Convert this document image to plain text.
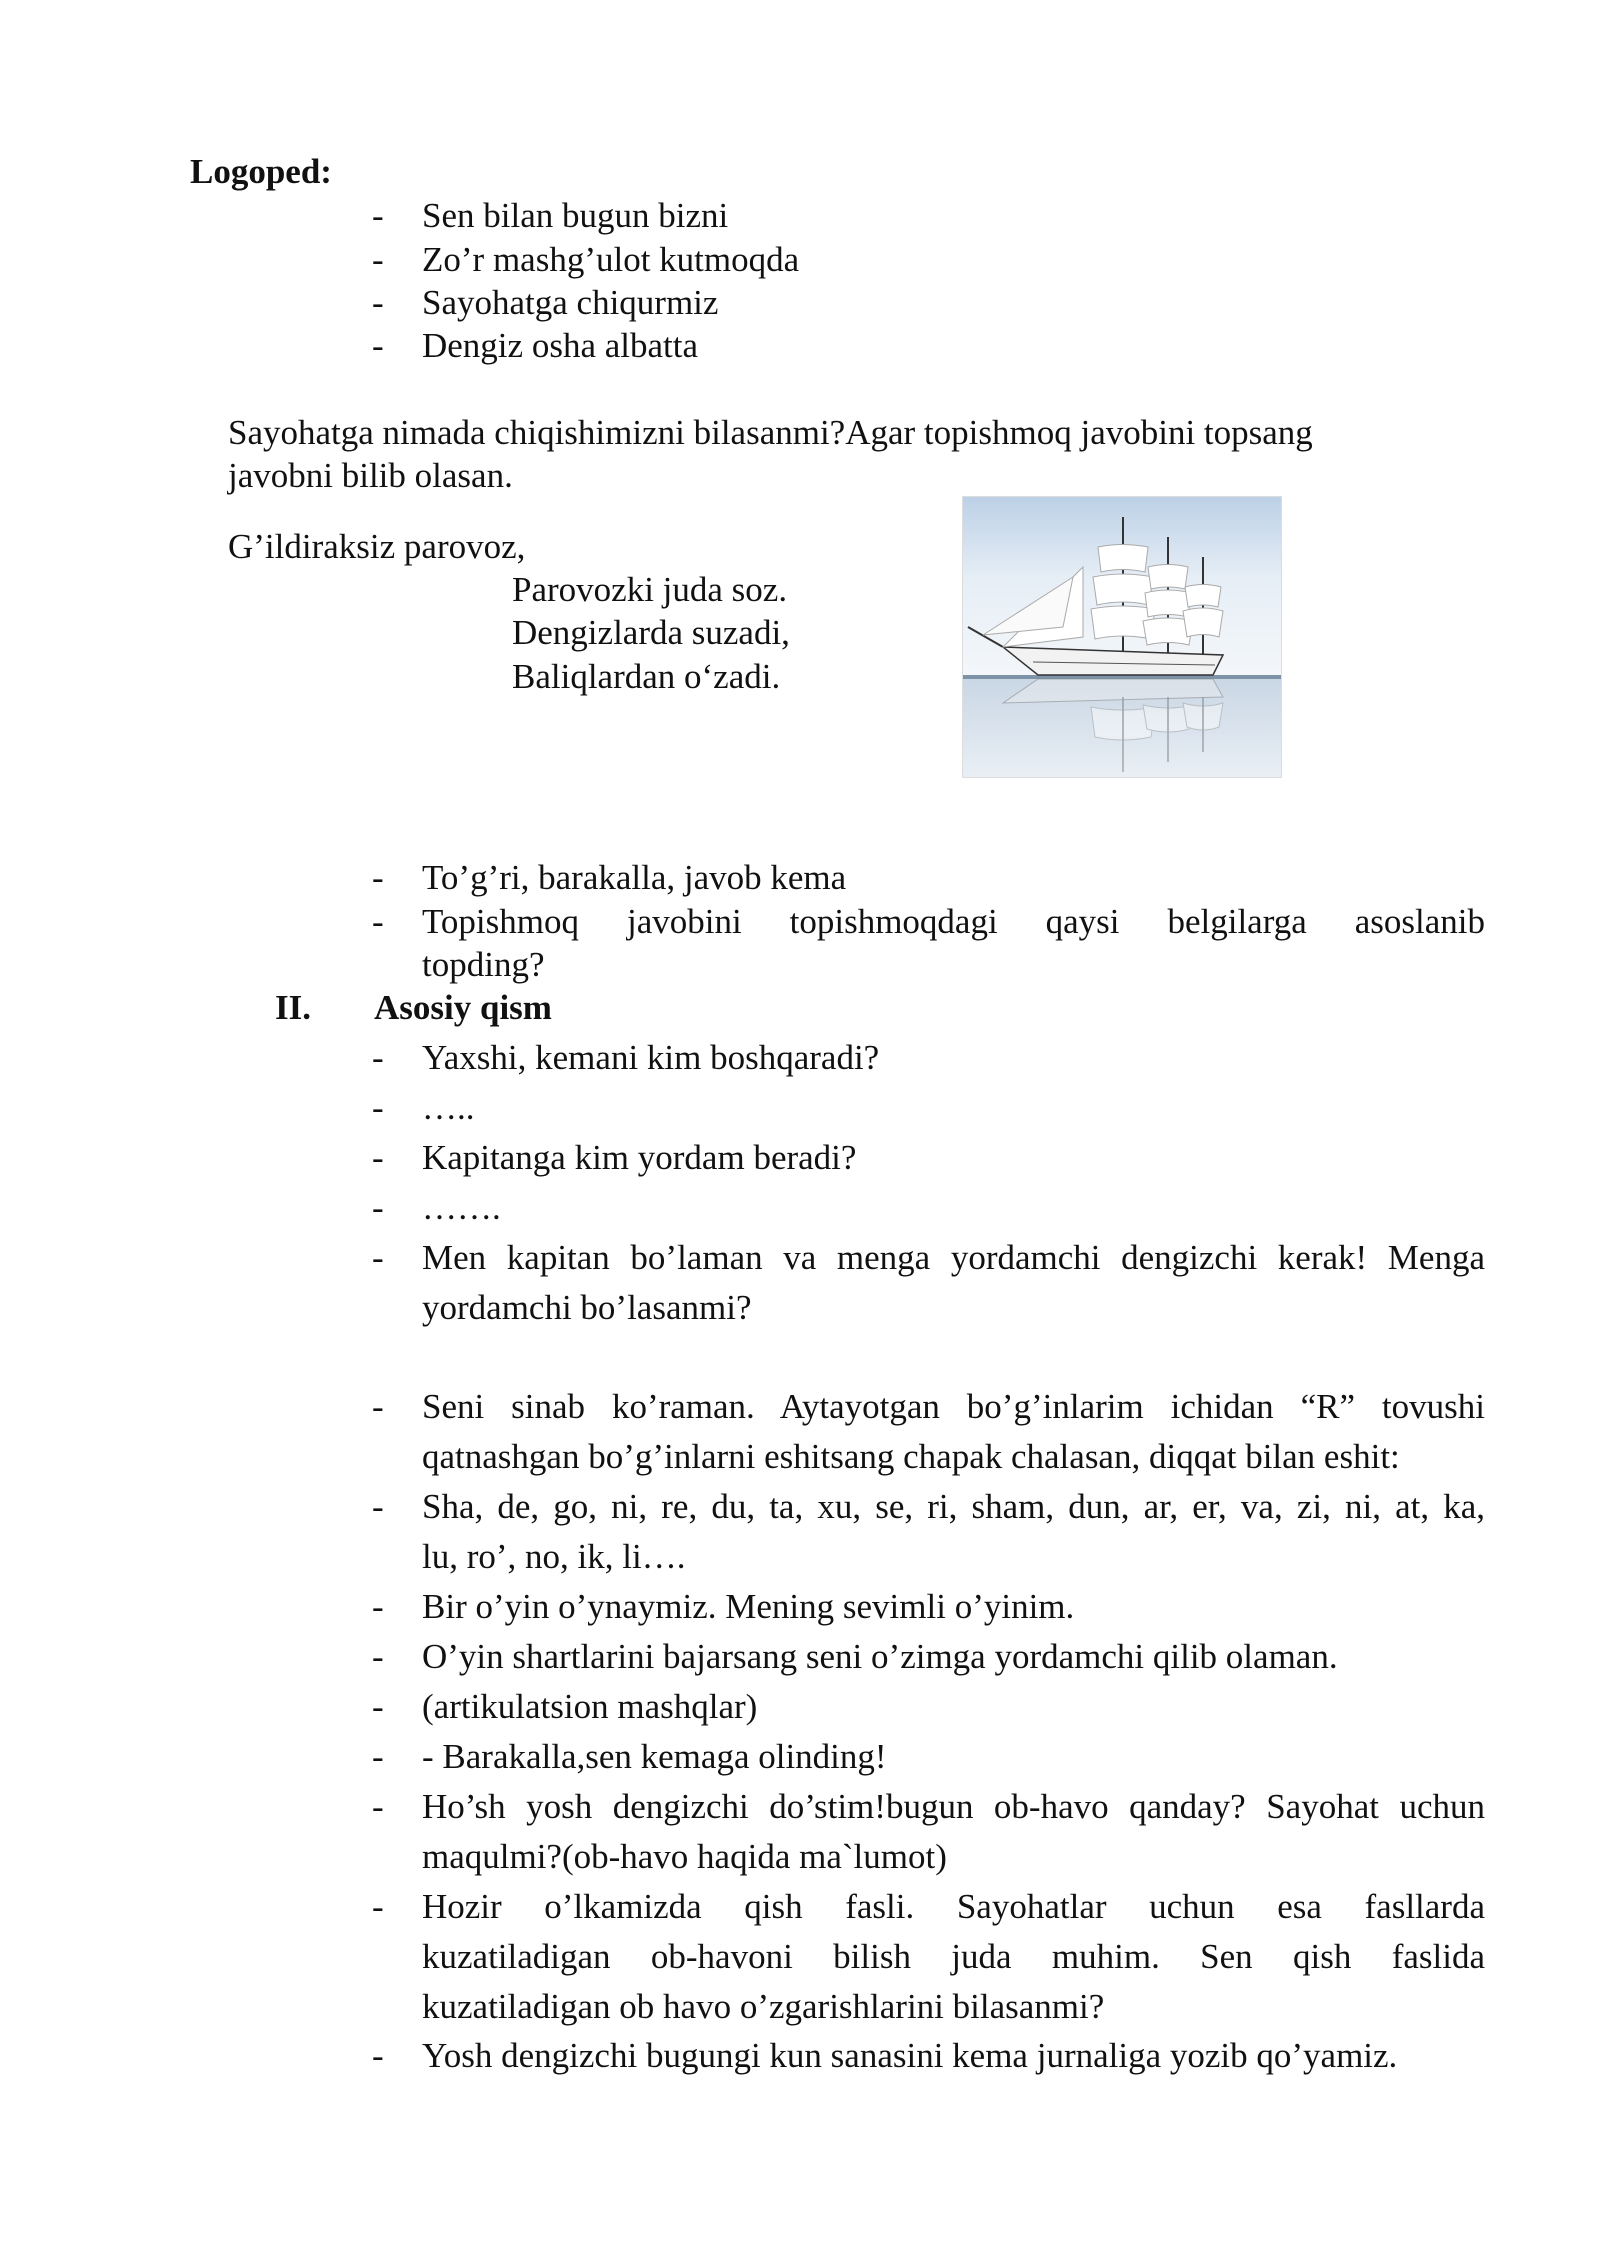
Logoped:
- Sen bilan bugun bizni
- Zo’r mashg’ulot kutmoqda
- Sayohatga chiqurmiz
- Dengiz osha albatta
Sayohatga nimada chiqishimizni bilasanmi?Agar topishmoq javobini topsang
javobni bilib olasan.
G’ildiraksiz parovoz,
Parovozki juda soz.
Dengizlarda suzadi,
Baliqlardan o‘zadi.
- To’g’ri, barakalla, javob kema
- Topishmoq javobini topishmoqdagi qaysi belgilarga asoslanib
topding?
II. Asosiy qism
- Yaxshi, kemani kim boshqaradi?
- …..
- Kapitanga kim yordam beradi?
- …….
- Men kapitan bo’laman va menga yordamchi dengizchi kerak! Menga
yordamchi bo’lasanmi?
- Seni sinab ko’raman. Aytayotgan bo’g’inlarim ichidan “R” tovushi
qatnashgan bo’g’inlarni eshitsang chapak chalasan, diqqat bilan eshit:
- Sha, de, go, ni, re, du, ta, xu, se, ri, sham, dun, ar, er, va, zi, ni, at, ka,
lu, ro’, no, ik, li….
- Bir o’yin o’ynaymiz. Mening sevimli o’yinim.
- O’yin shartlarini bajarsang seni o’zimga yordamchi qilib olaman.
- (artikulatsion mashqlar)
- - Barakalla,sen kemaga olinding!
- Ho’sh yosh dengizchi do’stim!bugun ob-havo qanday? Sayohat uchun
maqulmi?(ob-havo haqida ma`lumot)
- Hozir o’lkamizda qish fasli. Sayohatlar uchun esa fasllarda
kuzatiladigan ob-havoni bilish juda muhim. Sen qish faslida
kuzatiladigan ob havo o’zgarishlarini bilasanmi?
- Yosh dengizchi bugungi kun sanasini kema jurnaliga yozib qo’yamiz.
